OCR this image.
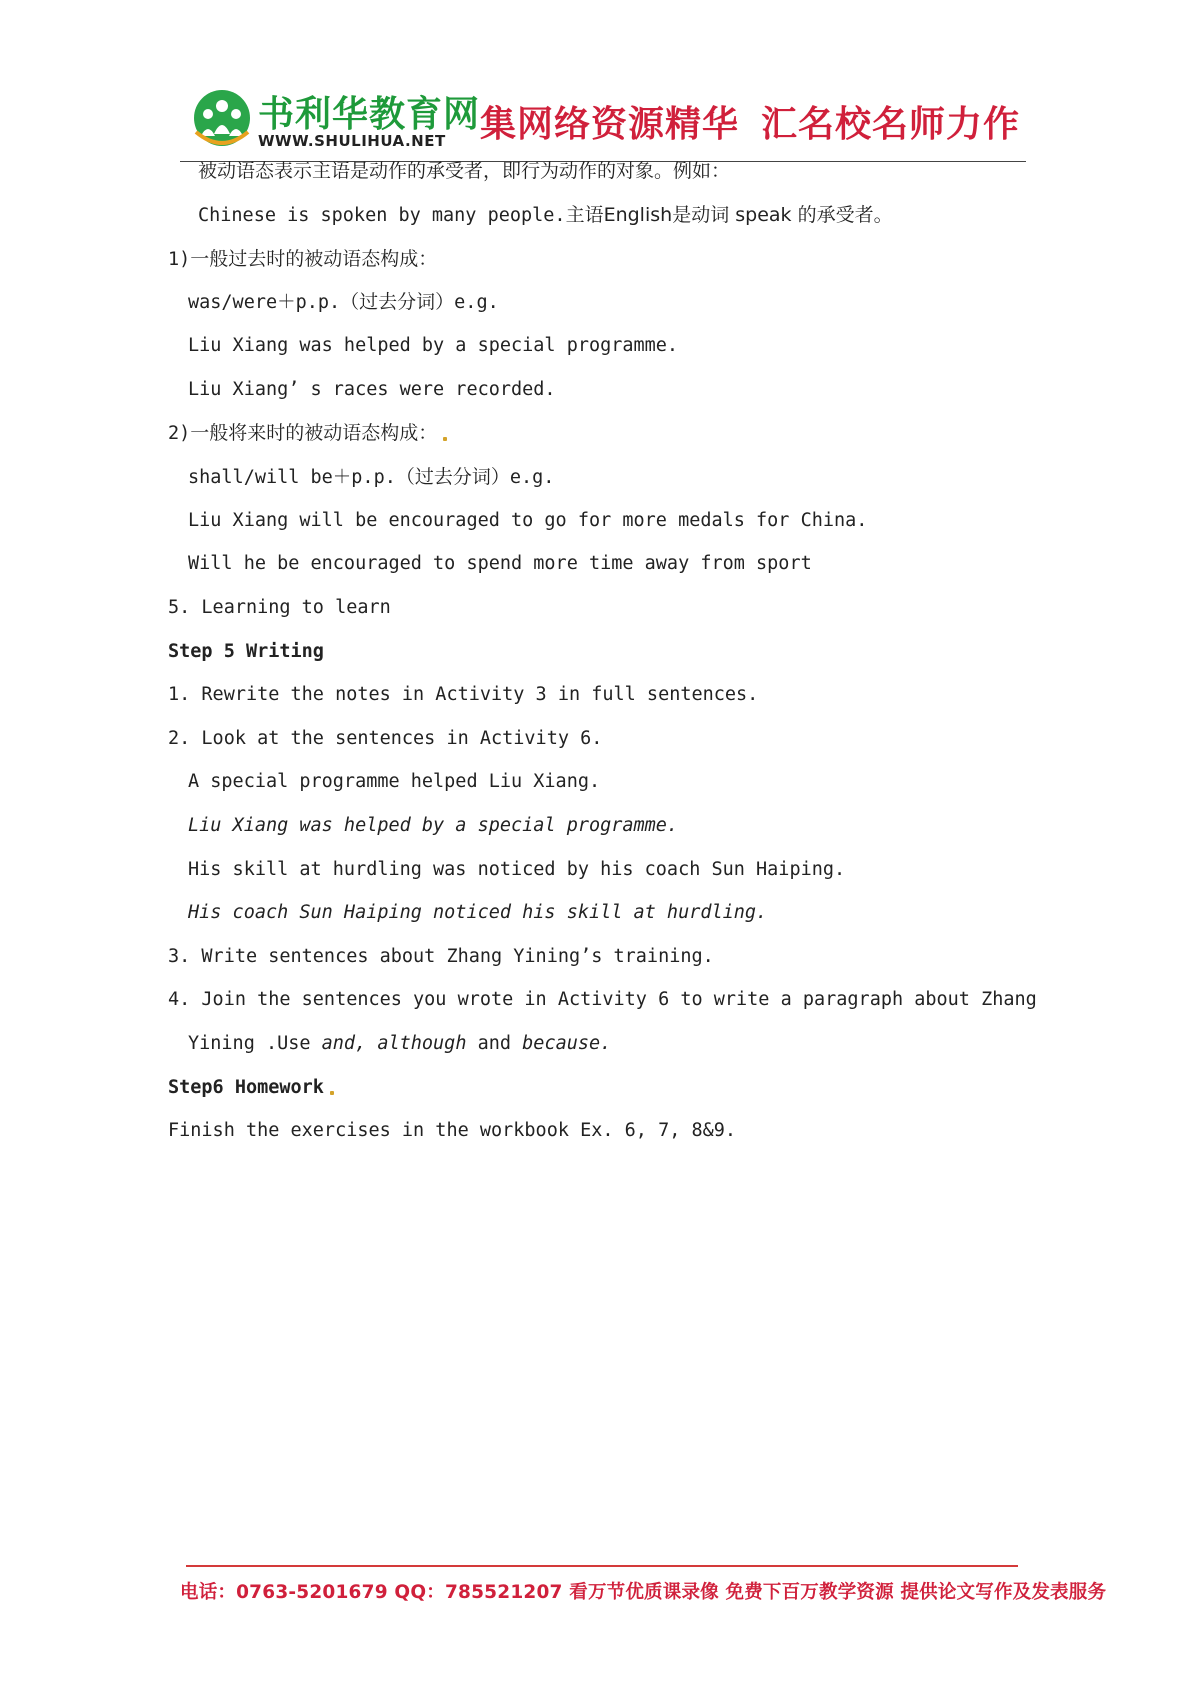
书利华教育网
WWW.SHULIHUA.NET 集网络资源精华 汇名校名师力作
被动语态表示主语是动作的承受者，即行为动作的对象。例如：
Chinese is spoken by many people.主语English是动词 speak 的承受者。
1)一般过去时的被动语态构成：
was/were＋p.p.（过去分词）e.g.
Liu Xiang was helped by a special programme.
Liu Xiang’ s races were recorded.
2)一般将来时的被动语态构成：
shall/will be＋p.p.（过去分词）e.g.
Liu Xiang will be encouraged to go for more medals for China.
Will he be encouraged to spend more time away from sport
5. Learning to learn
Step 5 Writing
1. Rewrite the notes in Activity 3 in full sentences.
2. Look at the sentences in Activity 6.
A special programme helped Liu Xiang.
Liu Xiang was helped by a special programme.
His skill at hurdling was noticed by his coach Sun Haiping.
His coach Sun Haiping noticed his skill at hurdling.
3. Write sentences about Zhang Yining’s training.
4. Join the sentences you wrote in Activity 6 to write a paragraph about Zhang
Yining .Use and, although and because.
Step6 Homework
Finish the exercises in the workbook Ex. 6, 7, 8&9.
电话：0763-5201679 QQ：785521207 看万节优质课录像 免费下百万教学资源 提供论文写作及发表服务
